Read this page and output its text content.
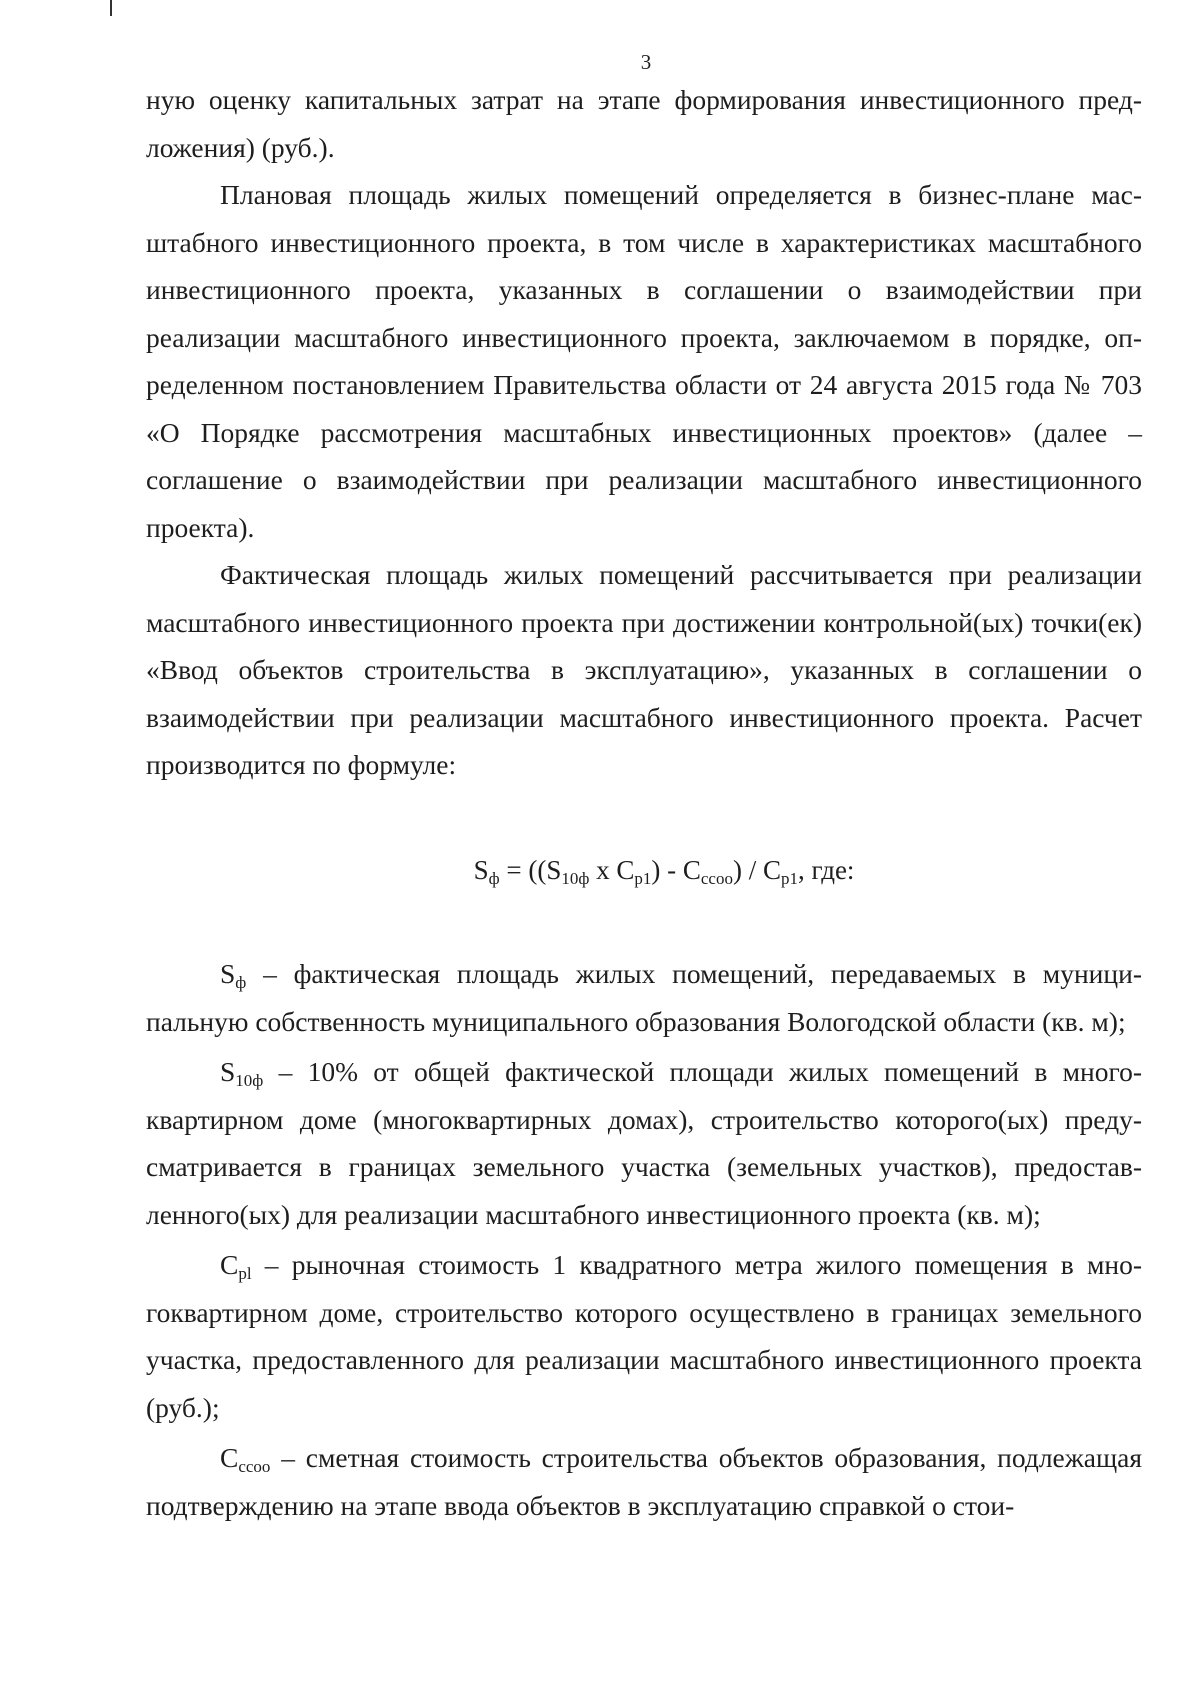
3

ную оценку капитальных затрат на этапе формирования инвестиционного предложения) (руб.).

Плановая площадь жилых помещений определяется в бизнес-плане масштабного инвестиционного проекта, в том числе в характеристиках масштабного инвестиционного проекта, указанных в соглашении о взаимодействии при реализации масштабного инвестиционного проекта, заключаемом в порядке, определенном постановлением Правительства области от 24 августа 2015 года № 703 «О Порядке рассмотрения масштабных инвестиционных проектов» (далее – соглашение о взаимодействии при реализации масштабного инвестиционного проекта).

Фактическая площадь жилых помещений рассчитывается при реализации масштабного инвестиционного проекта при достижении контрольной(ых) точки(ек) «Ввод объектов строительства в эксплуатацию», указанных в соглашении о взаимодействии при реализации масштабного инвестиционного проекта. Расчет производится по формуле:

$S_ф = ((S_{10ф}$ x $C_{p1}) - C_{ccoo}) / C_{p1}$, где:

$S_ф$ – фактическая площадь жилых помещений, передаваемых в муниципальную собственность муниципального образования Вологодской области (кв. м);

$S_{10ф} - 10\%$ от общей фактической площади жилых помещений в многоквартирном доме (многоквартирных домах), строительство которого(ых) предусматривается в границах земельного участка (земельных участков), предоставленного(ых) для реализации масштабного инвестиционного проекта (кв. м);

$C_{pl}$ – рыночная стоимость 1 квадратного метра жилого помещения в многоквартирном доме, строительство которого осуществлено в границах земельного участка, предоставленного для реализации масштабного инвестиционного проекта (руб.);

$C_{ccoo}$ – сметная стоимость строительства объектов образования, подлежащая подтверждению на этапе ввода объектов в эксплуатацию справкой о стои-
